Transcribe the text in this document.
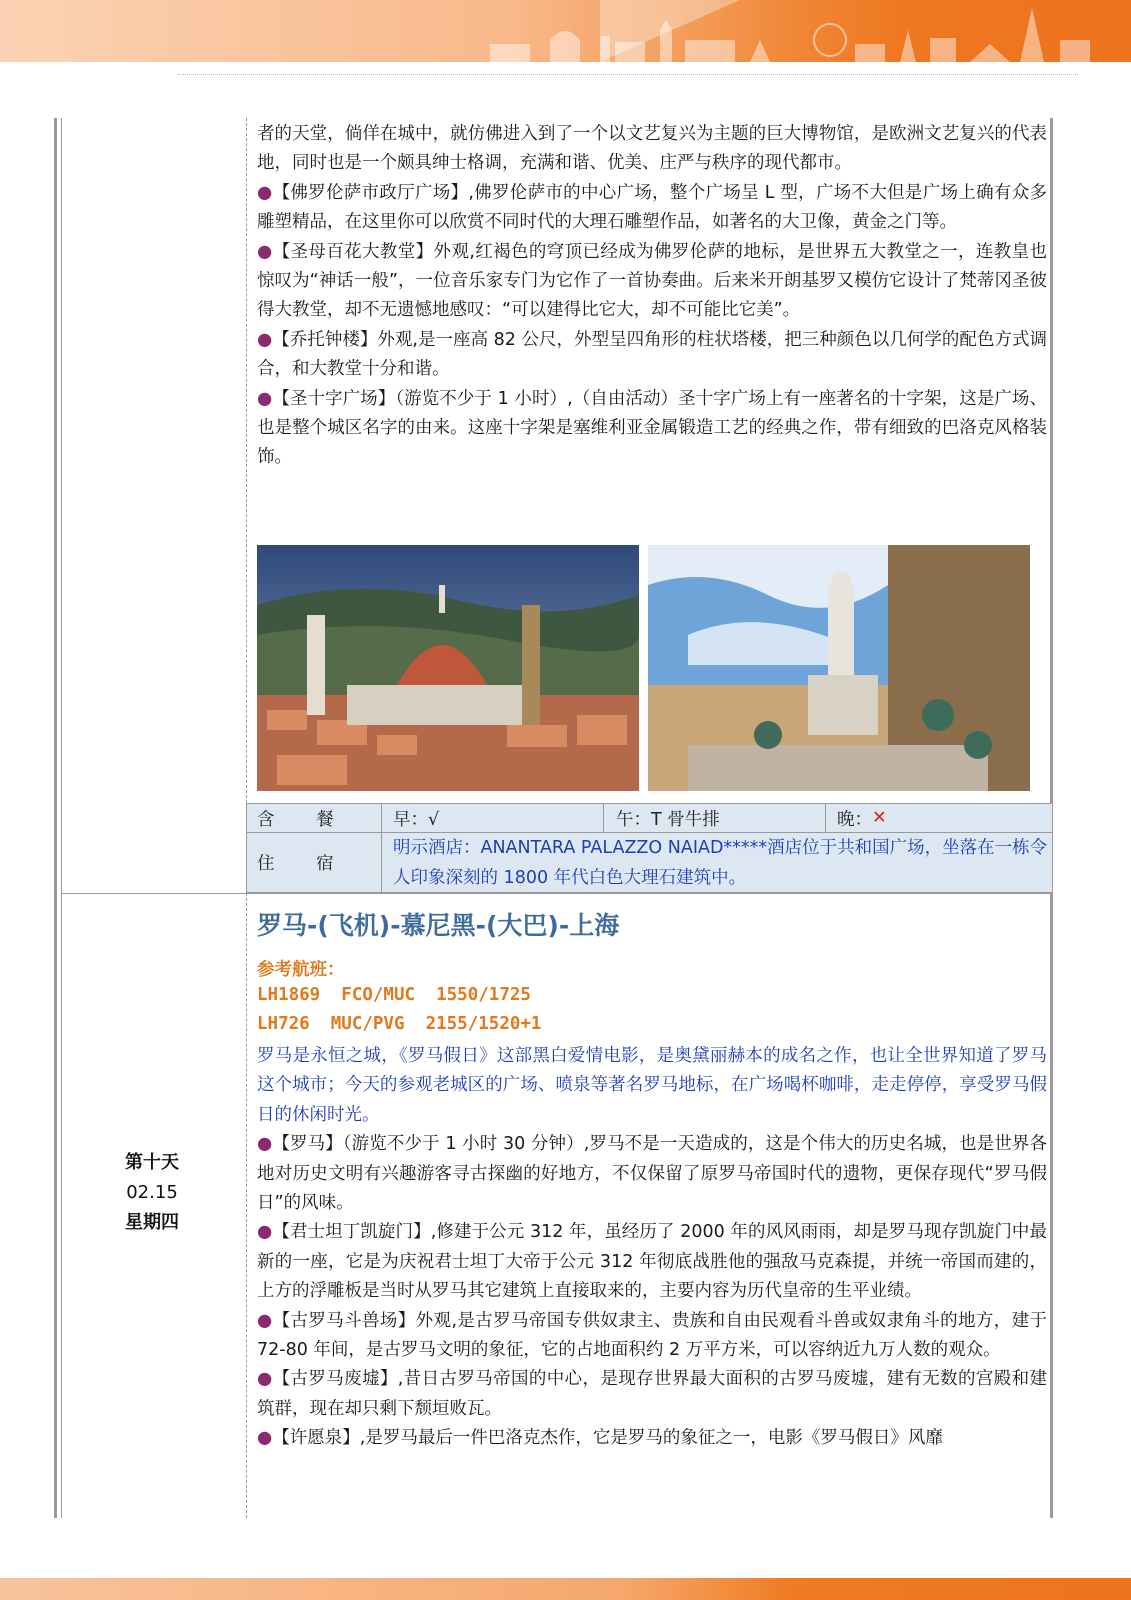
者的天堂，倘佯在城中，就仿佛进入到了一个以文艺复兴为主题的巨大博物馆，是欧洲文艺复兴的代表地，同时也是一个颇具绅士格调，充满和谐、优美、庄严与秩序的现代都市。

●【佛罗伦萨市政厅广场】,佛罗伦萨市的中心广场，整个广场呈 L 型，广场不大但是广场上确有众多雕塑精品，在这里你可以欣赏不同时代的大理石雕塑作品，如著名的大卫像，黄金之门等。

●【圣母百花大教堂】外观,红褐色的穹顶已经成为佛罗伦萨的地标，是世界五大教堂之一，连教皇也惊叹为“神话一般”，一位音乐家专门为它作了一首协奏曲。后来米开朗基罗又模仿它设计了梵蒂冈圣彼得大教堂，却不无遗憾地感叹：“可以建得比它大，却不可能比它美”。

●【乔托钟楼】外观,是一座高 82 公尺，外型呈四角形的柱状塔楼，把三种颜色以几何学的配色方式调合，和大教堂十分和谐。

●【圣十字广场】（游览不少于 1 小时）,（自由活动）圣十字广场上有一座著名的十字架，这是广场、也是整个城区名字的由来。这座十字架是塞维利亚金属锻造工艺的经典之作，带有细致的巴洛克风格装饰。

含 餐 早：√	午：T 骨牛排	晚： ✕
住 宿
明示酒店：ANANTARA PALAZZO NAIAD*****酒店位于共和国广场，坐落在一栋令人印象深刻的 1800 年代白色大理石建筑中。
第十天
02.15
星期四
罗马-(飞机)-慕尼黑-(大巴)-上海
参考航班：
LH1869  FCO/MUC  1550/1725
LH726  MUC/PVG  2155/1520+1

罗马是永恒之城，《罗马假日》这部黑白爱情电影，是奥黛丽赫本的成名之作，也让全世界知道了罗马这个城市；今天的参观老城区的广场、喷泉等著名罗马地标，在广场喝杯咖啡，走走停停，享受罗马假日的休闲时光。

●【罗马】（游览不少于 1 小时 30 分钟）,罗马不是一天造成的，这是个伟大的历史名城，也是世界各地对历史文明有兴趣游客寻古探幽的好地方，不仅保留了原罗马帝国时代的遗物，更保存现代“罗马假日”的风味。

●【君士坦丁凯旋门】,修建于公元 312 年，虽经历了 2000 年的风风雨雨，却是罗马现存凯旋门中最新的一座，它是为庆祝君士坦丁大帝于公元 312 年彻底战胜他的强敌马克森提，并统一帝国而建的，上方的浮雕板是当时从罗马其它建筑上直接取来的，主要内容为历代皇帝的生平业绩。

●【古罗马斗兽场】外观,是古罗马帝国专供奴隶主、贵族和自由民观看斗兽或奴隶角斗的地方，建于 72-80 年间，是古罗马文明的象征，它的占地面积约 2 万平方米，可以容纳近九万人数的观众。

●【古罗马废墟】,昔日古罗马帝国的中心，是现存世界最大面积的古罗马废墟，建有无数的宫殿和建筑群，现在却只剩下颓垣败瓦。

●【许愿泉】,是罗马最后一件巴洛克杰作，它是罗马的象征之一，电影《罗马假日》风靡
